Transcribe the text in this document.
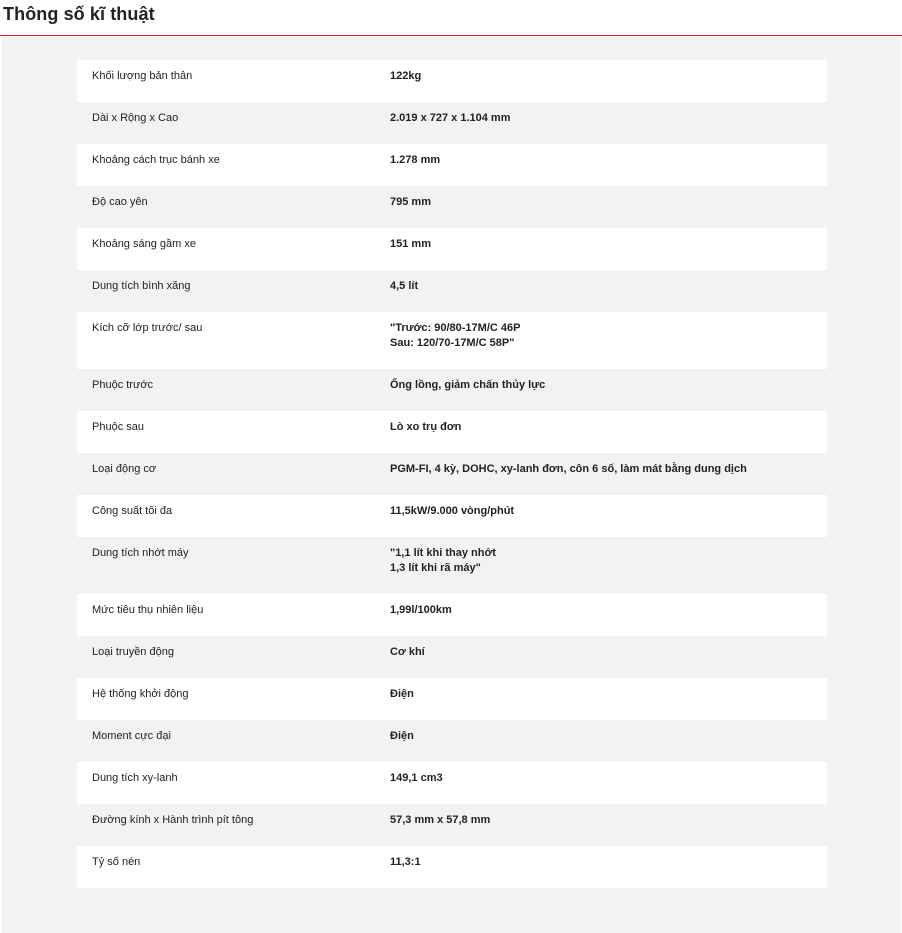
Thông số kĩ thuật
Khối lượng bản thân	122kg
Dài x Rộng x Cao	2.019 x 727 x 1.104 mm
Khoảng cách trục bánh xe	1.278 mm
Độ cao yên	795 mm
Khoảng sáng gầm xe	151 mm
Dung tích bình xăng	4,5 lít
Kích cỡ lớp trước/ sau	"Trước: 90/80-17M/C 46P
Sau: 120/70-17M/C 58P"
Phuộc trước	Ống lồng, giảm chấn thủy lực
Phuộc sau	Lò xo trụ đơn
Loại động cơ	PGM-FI, 4 kỳ, DOHC, xy-lanh đơn, côn 6 số, làm mát bằng dung dịch
Công suất tối đa	11,5kW/9.000 vòng/phút
Dung tích nhớt máy	"1,1 lít khi thay nhớt
1,3 lít khi rã máy"
Mức tiêu thụ nhiên liệu	1,99l/100km
Loại truyền động	Cơ khí
Hệ thống khởi động	Điện
Moment cực đại	Điện
Dung tích xy-lanh	149,1 cm3
Đường kính x Hành trình pít tông	57,3 mm x 57,8 mm
Tỷ số nén	11,3:1
